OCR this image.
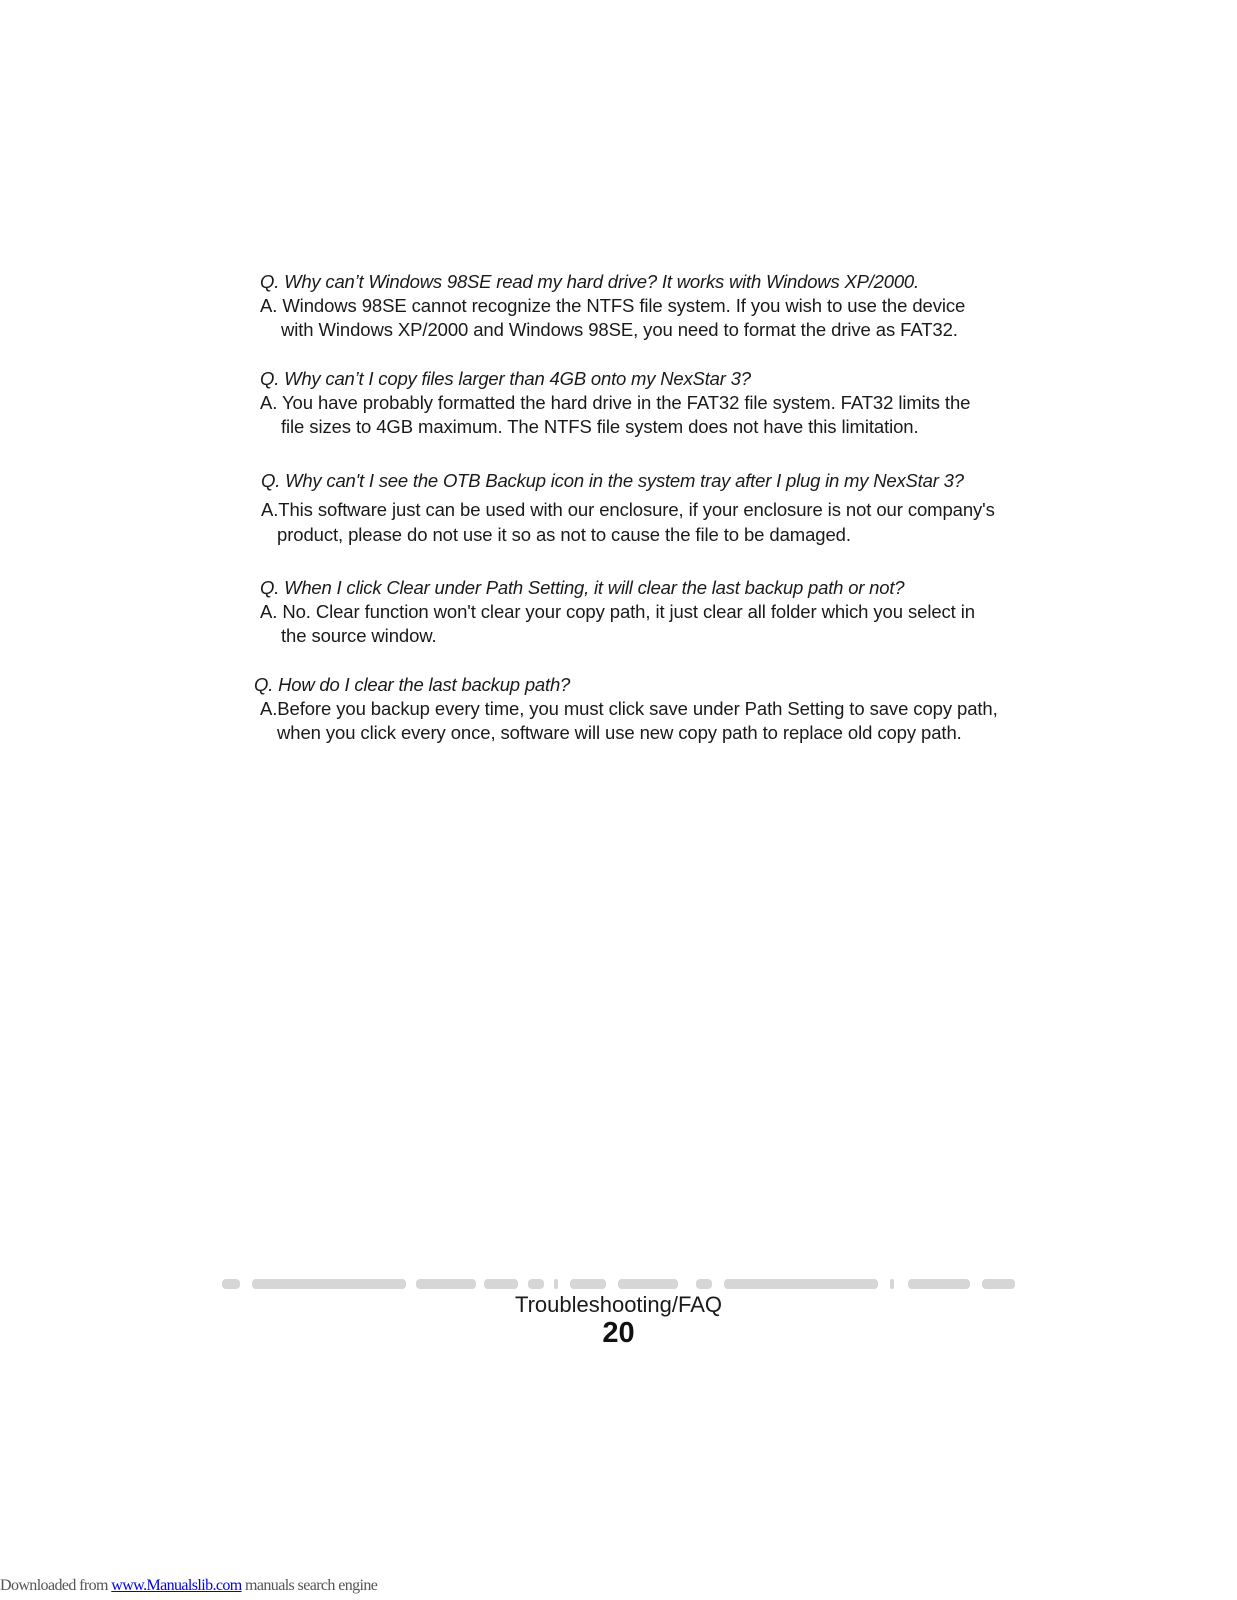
Q. Why can’t Windows 98SE read my hard drive? It works with Windows XP/2000.
A. Windows 98SE cannot recognize the NTFS file system. If you wish to use the device
with Windows XP/2000 and Windows 98SE, you need to format the drive as FAT32.
Q. Why can’t I copy files larger than 4GB onto my NexStar 3?
A. You have probably formatted the hard drive in the FAT32 file system. FAT32 limits the
file sizes to 4GB maximum. The NTFS file system does not have this limitation.
Q. Why can't I see the OTB Backup icon in the system tray after I plug in my NexStar 3?
A.This software just can be used with our enclosure, if your enclosure is not our company's
product, please do not use it so as not to cause the file to be damaged.
Q. When I click Clear under Path Setting, it will clear the last backup path or not?
A. No. Clear function won't clear your copy path, it just clear all folder which you select in
the source window.
Q. How do I clear the last backup path?
A.Before you backup every time, you must click save under Path Setting to save copy path,
when you click every once, software will use new copy path to replace old copy path.
Troubleshooting/FAQ
20
Downloaded from www.Manualslib.com manuals search engine
